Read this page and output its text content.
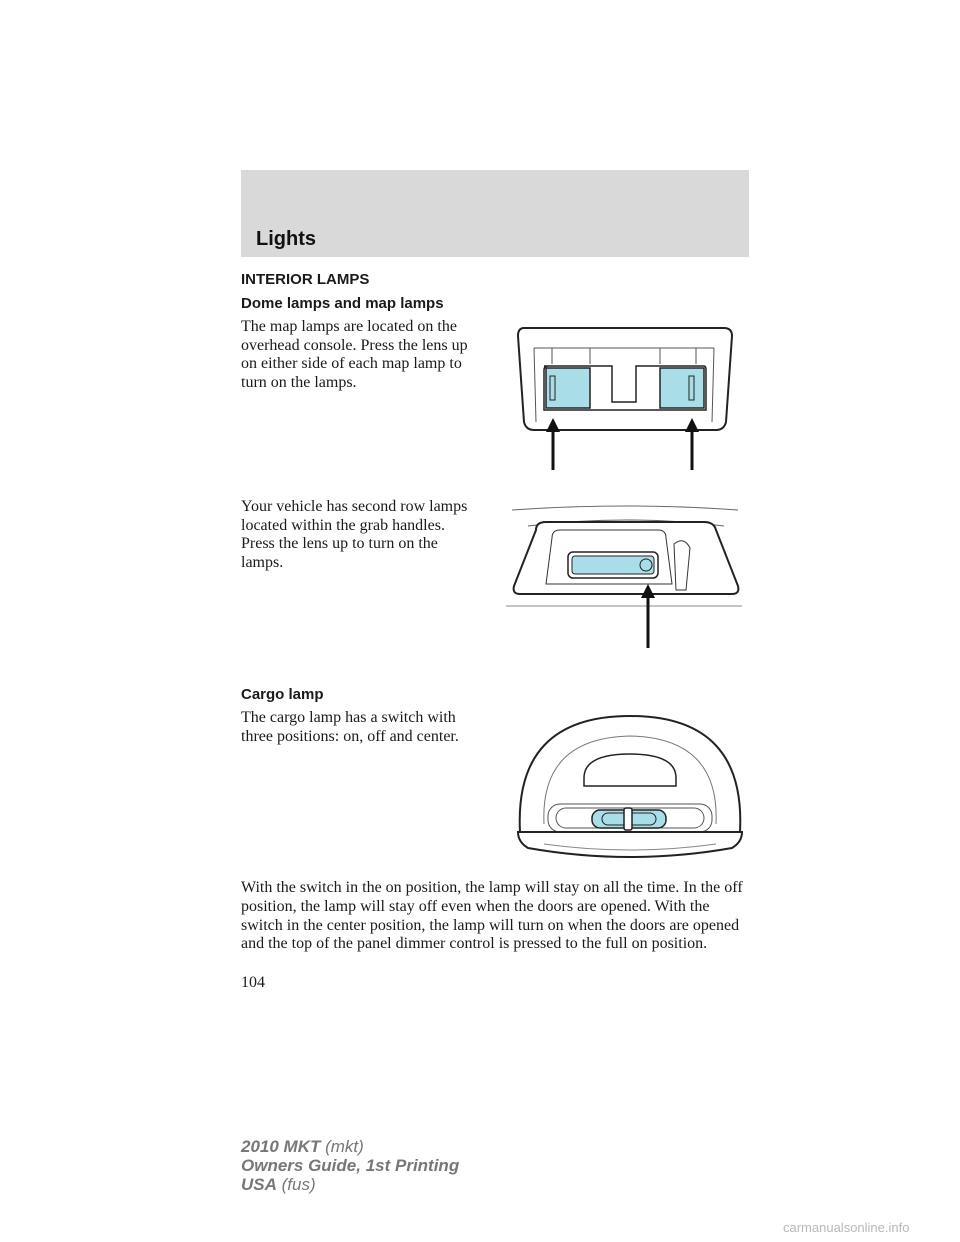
Lights
INTERIOR LAMPS
Dome lamps and map lamps
The map lamps are located on the
overhead console. Press the lens up
on either side of each map lamp to
turn on the lamps.
Your vehicle has second row lamps
located within the grab handles.
Press the lens up to turn on the
lamps.
Cargo lamp
The cargo lamp has a switch with
three positions: on, off and center.
With the switch in the on position, the lamp will stay on all the time. In the off position, the lamp will stay off even when the doors are opened. With the switch in the center position, the lamp will turn on when the doors are opened and the top of the panel dimmer control is pressed to the full on position.
104
2010 MKT (mkt)
Owners Guide, 1st Printing
USA (fus)
carmanualsonline.info
